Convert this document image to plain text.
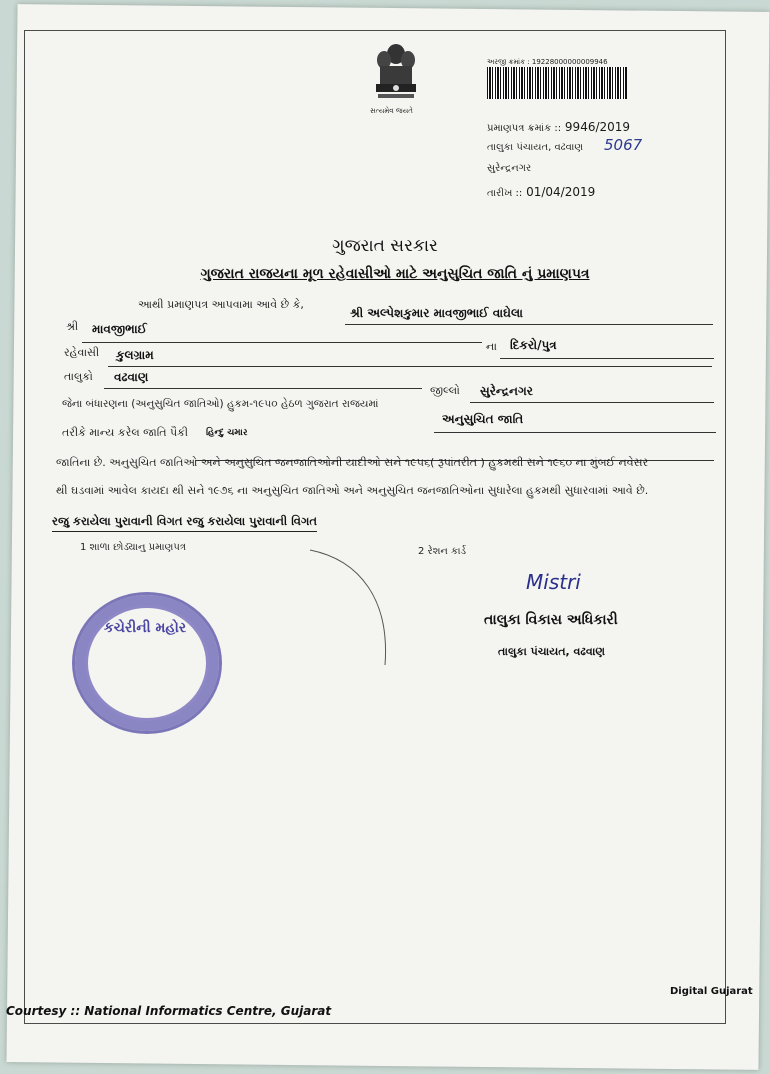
સત્યમેવ જયતે
અરજી ક્રમાંક : 19228000000009946
પ્રમાણપત્ર ક્રમાંક :: 9946/2019
તાલુકા પંચાયત, વઢવાણ 5067
સુરેન્દ્રનગર
તારીખ :: 01/04/2019
ગુજરાત સરકાર
ગુજરાત રાજયના મૂળ રહેવાસીઓ માટે અનુસુચિત જાતિ નું પ્રમાણપત્ર
આથી પ્રમાણપત્ર આપવામા આવે છે કે,
શ્રી અલ્પેશકુમાર માવજીભાઈ વાઘેલા
શ્રી માવજીભાઈ
ના દિકરો/પુત્ર
રહેવાસી કુલગ્રામ
તાલુકો વઢવાણ
જીલ્લો સુરેન્દ્રનગર
જેના બંધારણના (અનુસુચિત જાતિઓ) હુકમ-૧૯૫૦ હેઠળ ગુજરાત રાજયમાં
અનુસુચિત જાતિ
તરીકે માન્ય કરેલ જાતિ પૈકી હિન્દુ ચમાર
જાતિના છે. અનુસુચિત જાતિઓ અને અનુસુચિત જનજાતિઓની યાદીઓ સને ૧૯૫૬( રૂપાંતરીત ) હુકમથી સને ૧૯૬૦ ના મુંબઈ નવેસર
થી ઘડવામાં આવેલ કાયદા થી સને ૧૯૭૬ ના અનુસુચિત જાતિઓ અને અનુસુચિત જનજાતિઓના સુધારેલા હુકમથી સુધારવામાં આવે છે.
રજુ કરાયેલા પુરાવાની વિગત રજુ કરાયેલા પુરાવાની વિગત
1 શાળા છોડ્યાનુ પ્રમાણપત્ર	2 રેશન કાર્ડ
કચેરીની મહોર
Mistri
તાલુકા વિકાસ અધિકારી
તાલુકા પંચાયત, વઢવાણ
Courtesy :: National Informatics Centre, Gujarat
Digital Gujarat
